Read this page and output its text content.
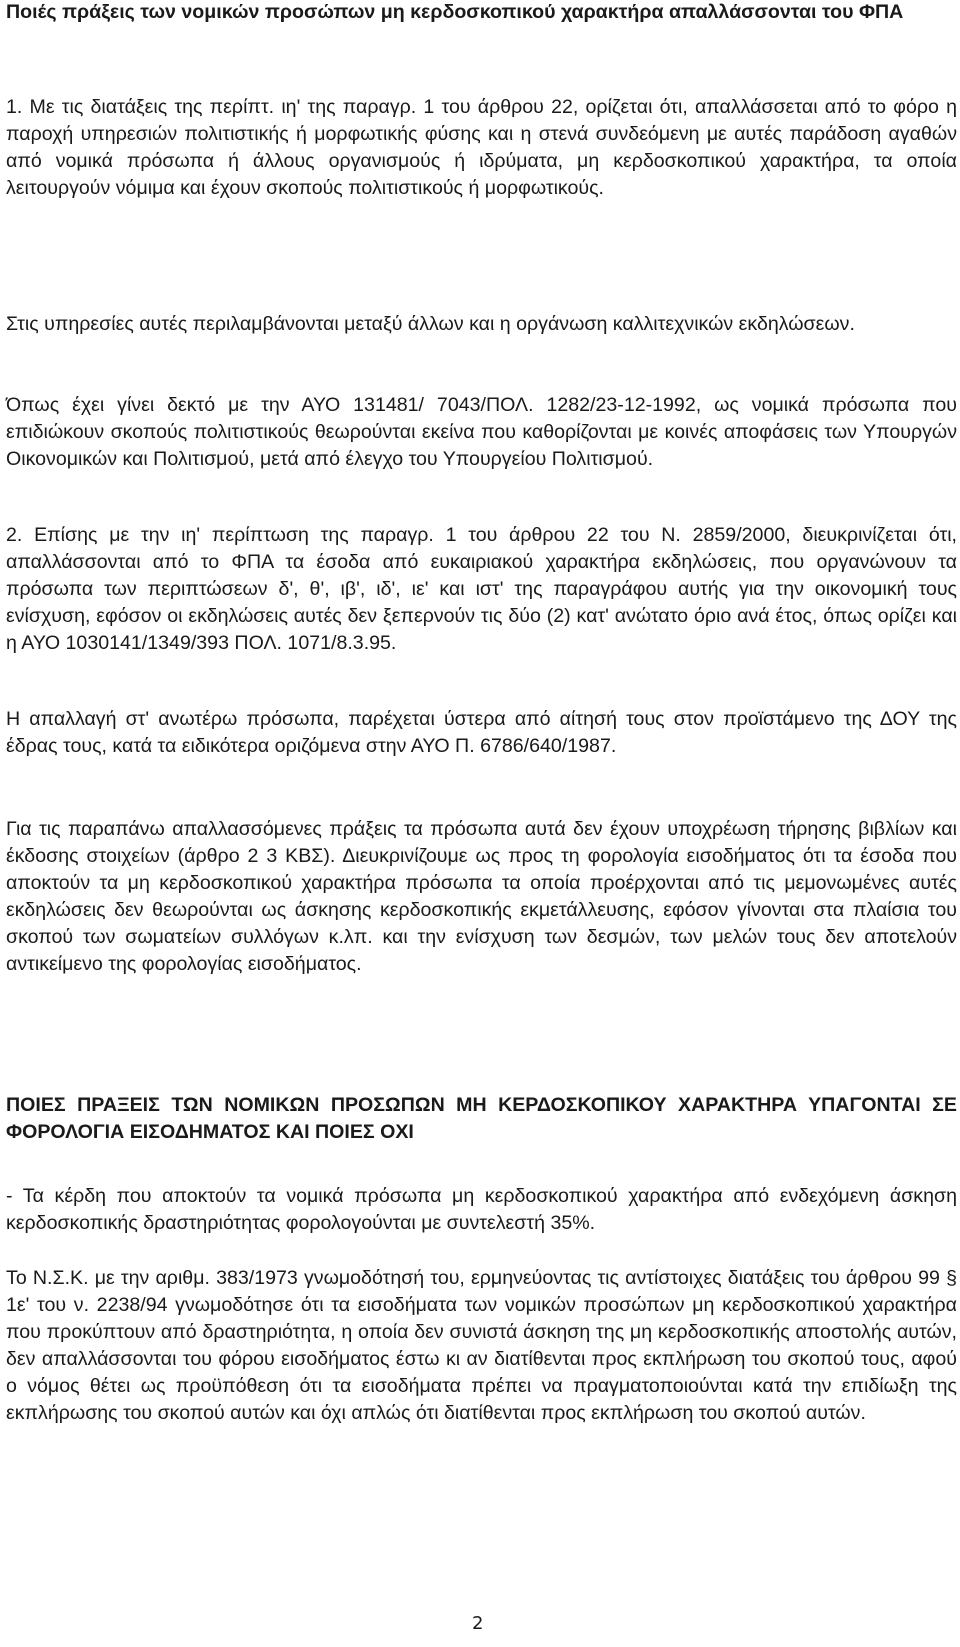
Ποιές πράξεις των νομικών προσώπων μη κερδοσκοπικού χαρακτήρα απαλλάσσονται του ΦΠΑ

1. Με τις διατάξεις της περίπτ. ιη' της παραγρ. 1 του άρθρου 22, ορίζεται ότι, απαλλάσσεται από το φόρο η παροχή υπηρεσιών πολιτιστικής ή μορφωτικής φύσης και η στενά συνδεόμενη με αυτές παράδοση αγαθών από νομικά πρόσωπα ή άλλους οργανισμούς ή ιδρύματα, μη κερδοσκοπικού χαρακτήρα, τα οποία λειτουργούν νόμιμα και έχουν σκοπούς πολιτιστικούς ή μορφωτικούς.

Στις υπηρεσίες αυτές περιλαμβάνονται μεταξύ άλλων και η οργάνωση καλλιτεχνικών εκδηλώσεων.

Όπως έχει γίνει δεκτό με την ΑΥΟ 131481/ 7043/ΠΟΛ. 1282/23-12-1992, ως νομικά πρόσωπα που επιδιώκουν σκοπούς πολιτιστικούς θεωρούνται εκείνα που καθορίζονται με κοινές αποφάσεις των Υπουργών Οικονομικών και Πολιτισμού, μετά από έλεγχο του Υπουργείου Πολιτισμού.

2. Επίσης με την ιη' περίπτωση της παραγρ. 1 του άρθρου 22 του Ν. 2859/2000, διευκρινίζεται ότι, απαλλάσσονται από το ΦΠΑ τα έσοδα από ευκαιριακού χαρακτήρα εκδηλώσεις, που οργανώνουν τα πρόσωπα των περιπτώσεων δ', θ', ιβ', ιδ', ιε' και ιστ' της παραγράφου αυτής για την οικονομική τους ενίσχυση, εφόσον οι εκδηλώσεις αυτές δεν ξεπερνούν τις δύο (2) κατ' ανώτατο όριο ανά έτος, όπως ορίζει και η ΑΥΟ 1030141/1349/393 ΠΟΛ. 1071/8.3.95.

Η απαλλαγή στ' ανωτέρω πρόσωπα, παρέχεται ύστερα από αίτησή τους στον προϊστάμενο της ΔΟΥ της έδρας τους, κατά τα ειδικότερα οριζόμενα στην ΑΥΟ Π. 6786/640/1987.

Για τις παραπάνω απαλλασσόμενες πράξεις τα πρόσωπα αυτά δεν έχουν υποχρέωση τήρησης βιβλίων και έκδοσης στοιχείων (άρθρο 2 3 ΚΒΣ). Διευκρινίζουμε ως προς τη φορολογία εισοδήματος ότι τα έσοδα που αποκτούν τα μη κερδοσκοπικού χαρακτήρα πρόσωπα τα οποία προέρχονται από τις μεμονωμένες αυτές εκδηλώσεις δεν θεωρούνται ως άσκησης κερδοσκοπικής εκμετάλλευσης, εφόσον γίνονται στα πλαίσια του σκοπού των σωματείων συλλόγων κ.λπ. και την ενίσχυση των δεσμών, των μελών τους δεν αποτελούν αντικείμενο της φορολογίας εισοδήματος.

ΠΟΙΕΣ ΠΡΑΞΕΙΣ ΤΩΝ ΝΟΜΙΚΩΝ ΠΡΟΣΩΠΩΝ ΜΗ ΚΕΡΔΟΣΚΟΠΙΚΟΥ ΧΑΡΑΚΤΗΡΑ ΥΠΑΓΟΝΤΑΙ ΣΕ ΦΟΡΟΛΟΓΙΑ ΕΙΣΟΔΗΜΑΤΟΣ ΚΑΙ ΠΟΙΕΣ ΟΧΙ

- Τα κέρδη που αποκτούν τα νομικά πρόσωπα μη κερδοσκοπικού χαρακτήρα από ενδεχόμενη άσκηση κερδοσκοπικής δραστηριότητας φορολογούνται με συντελεστή 35%.

Το Ν.Σ.Κ. με την αριθμ. 383/1973 γνωμοδότησή του, ερμηνεύοντας τις αντίστοιχες διατάξεις του άρθρου 99 § 1ε' του ν. 2238/94 γνωμοδότησε ότι τα εισοδήματα των νομικών προσώπων μη κερδοσκοπικού χαρακτήρα που προκύπτουν από δραστηριότητα, η οποία δεν συνιστά άσκηση της μη κερδοσκοπικής αποστολής αυτών, δεν απαλλάσσονται του φόρου εισοδήματος έστω κι αν διατίθενται προς εκπλήρωση του σκοπού τους, αφού ο νόμος θέτει ως προϋπόθεση ότι τα εισοδήματα πρέπει να πραγματοποιούνται κατά την επιδίωξη της εκπλήρωσης του σκοπού αυτών και όχι απλώς ότι διατίθενται προς εκπλήρωση του σκοπού αυτών.

2
